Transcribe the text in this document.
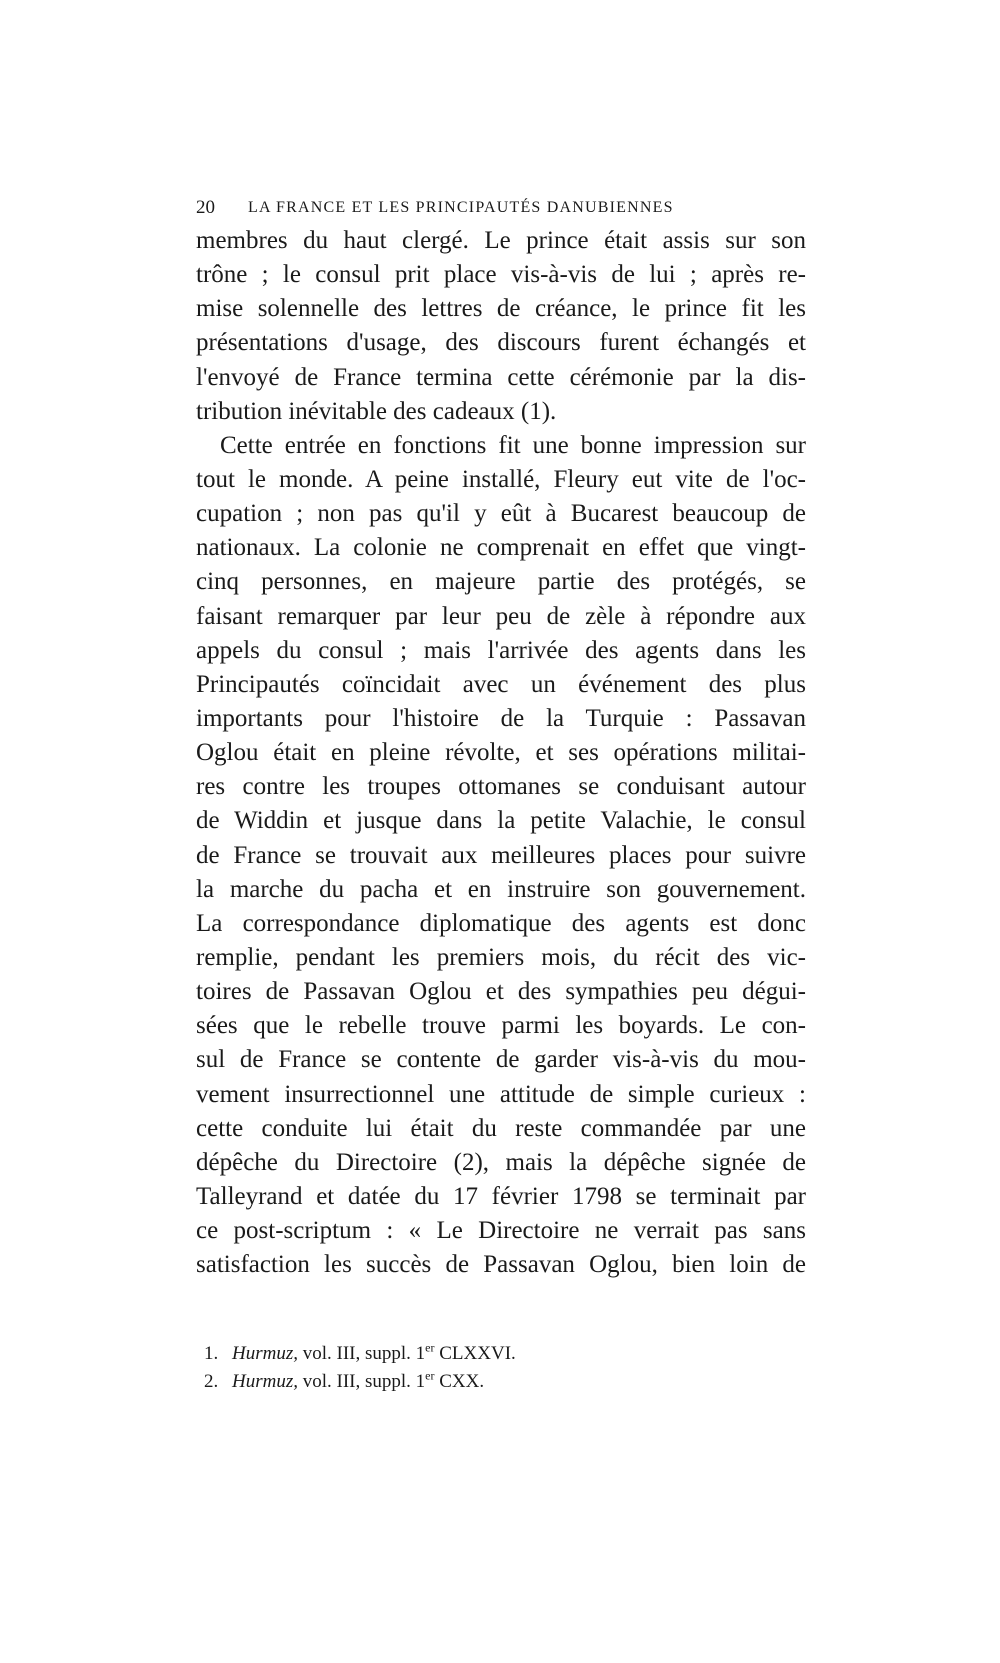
20 LA FRANCE ET LES PRINCIPAUTÉS DANUBIENNES
membres du haut clergé. Le prince était assis sur son
trône ; le consul prit place vis-à-vis de lui ; après re-
mise solennelle des lettres de créance, le prince fit les
présentations d'usage, des discours furent échangés et
l'envoyé de France termina cette cérémonie par la dis-
tribution inévitable des cadeaux (1).
Cette entrée en fonctions fit une bonne impression sur
tout le monde. A peine installé, Fleury eut vite de l'oc-
cupation ; non pas qu'il y eût à Bucarest beaucoup de
nationaux. La colonie ne comprenait en effet que vingt-
cinq personnes, en majeure partie des protégés, se
faisant remarquer par leur peu de zèle à répondre aux
appels du consul ; mais l'arrivée des agents dans les
Principautés coïncidait avec un événement des plus
importants pour l'histoire de la Turquie : Passavan
Oglou était en pleine révolte, et ses opérations militai-
res contre les troupes ottomanes se conduisant autour
de Widdin et jusque dans la petite Valachie, le consul
de France se trouvait aux meilleures places pour suivre
la marche du pacha et en instruire son gouvernement.
La correspondance diplomatique des agents est donc
remplie, pendant les premiers mois, du récit des vic-
toires de Passavan Oglou et des sympathies peu dégui-
sées que le rebelle trouve parmi les boyards. Le con-
sul de France se contente de garder vis-à-vis du mou-
vement insurrectionnel une attitude de simple curieux :
cette conduite lui était du reste commandée par une
dépêche du Directoire (2), mais la dépêche signée de
Talleyrand et datée du 17 février 1798 se terminait par
ce post-scriptum : « Le Directoire ne verrait pas sans
satisfaction les succès de Passavan Oglou, bien loin de
1. Hurmuz, vol. III, suppl. 1er CLXXVI.
2. Hurmuz, vol. III, suppl. 1er CXX.
